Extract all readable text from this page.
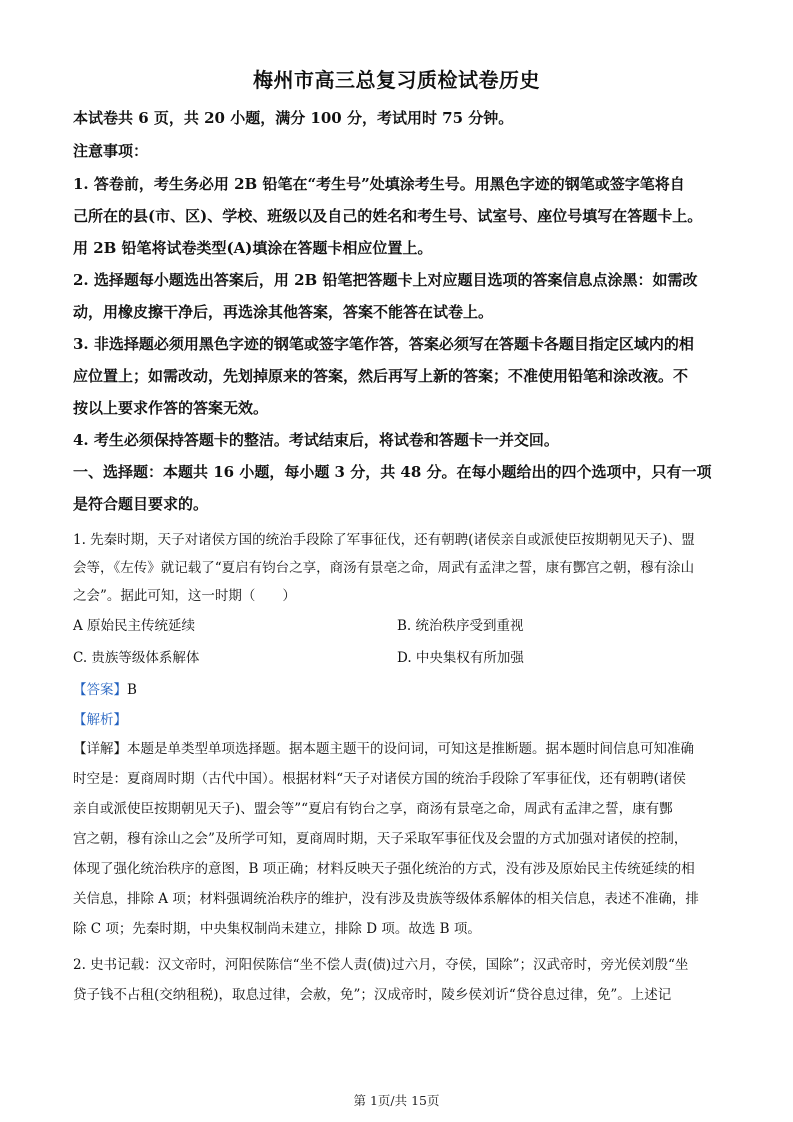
梅州市高三总复习质检试卷历史
本试卷共 6 页，共 20 小题，满分 100 分，考试用时 75 分钟。
注意事项：
1. 答卷前，考生务必用 2B 铅笔在“考生号”处填涂考生号。用黑色字迹的钢笔或签字笔将自
己所在的县(市、区)、学校、班级以及自己的姓名和考生号、试室号、座位号填写在答题卡上。
用 2B 铅笔将试卷类型(A)填涂在答题卡相应位置上。
2. 选择题每小题选出答案后，用 2B 铅笔把答题卡上对应题目选项的答案信息点涂黑：如需改
动，用橡皮擦干净后，再选涂其他答案，答案不能答在试卷上。
3. 非选择题必须用黑色字迹的钢笔或签字笔作答，答案必须写在答题卡各题目指定区域内的相
应位置上；如需改动，先划掉原来的答案，然后再写上新的答案；不准使用铅笔和涂改液。不
按以上要求作答的答案无效。
4. 考生必须保持答题卡的整洁。考试结束后，将试卷和答题卡一并交回。
一、选择题：本题共 16 小题，每小题 3 分，共 48 分。在每小题给出的四个选项中，只有一项
是符合题目要求的。
1. 先秦时期，天子对诸侯方国的统治手段除了军事征伐，还有朝聘(诸侯亲自或派使臣按期朝见天子)、盟
会等，《左传》就记载了“夏启有钧台之享，商汤有景亳之命，周武有孟津之誓，康有酆宫之朝，穆有涂山
之会”。据此可知，这一时期（　　）
A 原始民主传统延续	B. 统治秩序受到重视
C. 贵族等级体系解体	D. 中央集权有所加强
【答案】B
【解析】
【详解】本题是单类型单项选择题。据本题主题干的设问词，可知这是推断题。据本题时间信息可知准确
时空是：夏商周时期（古代中国）。根据材料“天子对诸侯方国的统治手段除了军事征伐，还有朝聘(诸侯
亲自或派使臣按期朝见天子)、盟会等”“夏启有钧台之享，商汤有景亳之命，周武有孟津之誓，康有酆
宫之朝，穆有涂山之会”及所学可知，夏商周时期，天子采取军事征伐及会盟的方式加强对诸侯的控制，
体现了强化统治秩序的意图，B 项正确；材料反映天子强化统治的方式，没有涉及原始民主传统延续的相
关信息，排除 A 项；材料强调统治秩序的维护，没有涉及贵族等级体系解体的相关信息，表述不准确，排
除 C 项；先秦时期，中央集权制尚未建立，排除 D 项。故选 B 项。
2. 史书记载：汉文帝时，河阳侯陈信“坐不偿人责(债)过六月，夺侯，国除”；汉武帝时，旁光侯刘殷“坐
贷子钱不占租(交纳租税)，取息过律，会赦，免”；汉成帝时，陵乡侯刘䜣“贷谷息过律，免”。上述记
第 1页/共 15页
